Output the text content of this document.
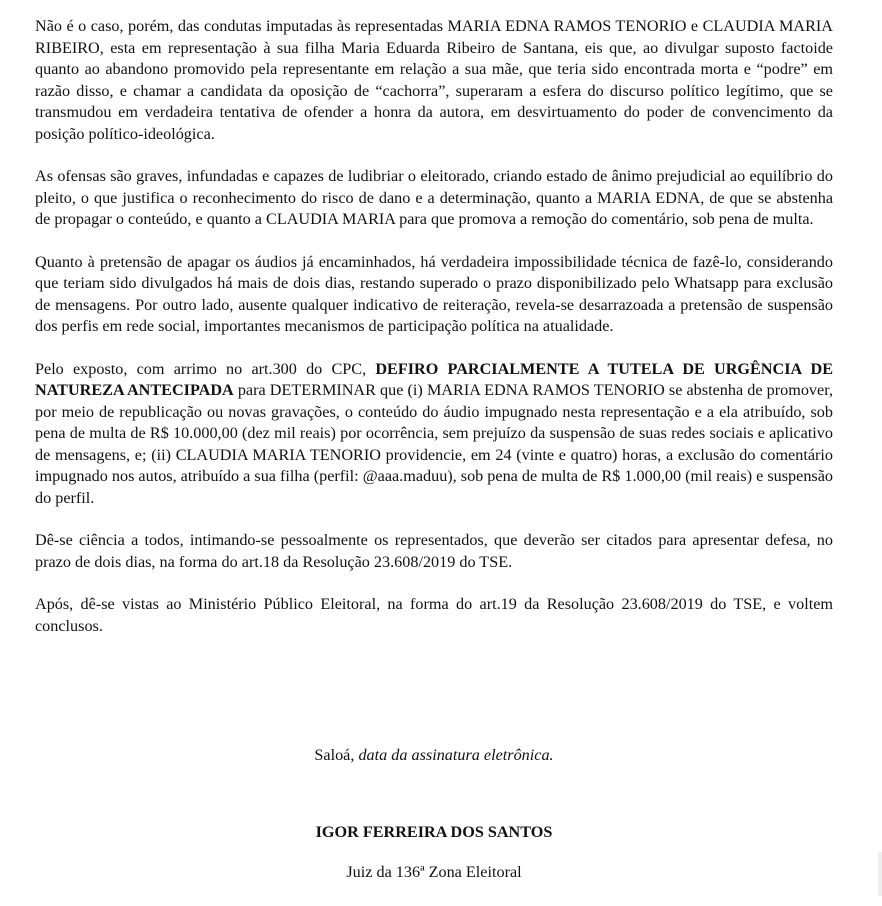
Não é o caso, porém, das condutas imputadas às representadas MARIA EDNA RAMOS TENORIO e CLAUDIA MARIA RIBEIRO, esta em representação à sua filha Maria Eduarda Ribeiro de Santana, eis que, ao divulgar suposto factoide quanto ao abandono promovido pela representante em relação a sua mãe, que teria sido encontrada morta e “podre” em razão disso, e chamar a candidata da oposição de “cachorra”, superaram a esfera do discurso político legítimo, que se transmudou em verdadeira tentativa de ofender a honra da autora, em desvirtuamento do poder de convencimento da posição político-ideológica.

As ofensas são graves, infundadas e capazes de ludibriar o eleitorado, criando estado de ânimo prejudicial ao equilíbrio do pleito, o que justifica o reconhecimento do risco de dano e a determinação, quanto a MARIA EDNA, de que se abstenha de propagar o conteúdo, e quanto a CLAUDIA MARIA para que promova a remoção do comentário, sob pena de multa.

Quanto à pretensão de apagar os áudios já encaminhados, há verdadeira impossibilidade técnica de fazê-lo, considerando que teriam sido divulgados há mais de dois dias, restando superado o prazo disponibilizado pelo Whatsapp para exclusão de mensagens. Por outro lado, ausente qualquer indicativo de reiteração, revela-se desarrazoada a pretensão de suspensão dos perfis em rede social, importantes mecanismos de participação política na atualidade.

Pelo exposto, com arrimo no art.300 do CPC, DEFIRO PARCIALMENTE A TUTELA DE URGÊNCIA DE NATUREZA ANTECIPADA para DETERMINAR que (i) MARIA EDNA RAMOS TENORIO se abstenha de promover, por meio de republicação ou novas gravações, o conteúdo do áudio impugnado nesta representação e a ela atribuído, sob pena de multa de R$ 10.000,00 (dez mil reais) por ocorrência, sem prejuízo da suspensão de suas redes sociais e aplicativo de mensagens, e; (ii) CLAUDIA MARIA TENORIO providencie, em 24 (vinte e quatro) horas, a exclusão do comentário impugnado nos autos, atribuído a sua filha (perfil: @aaa.maduu), sob pena de multa de R$ 1.000,00 (mil reais) e suspensão do perfil.

Dê-se ciência a todos, intimando-se pessoalmente os representados, que deverão ser citados para apresentar defesa, no prazo de dois dias, na forma do art.18 da Resolução 23.608/2019 do TSE.

Após, dê-se vistas ao Ministério Público Eleitoral, na forma do art.19 da Resolução 23.608/2019 do TSE, e voltem conclusos.

Saloá, data da assinatura eletrônica.
IGOR FERREIRA DOS SANTOS
Juiz da 136ª Zona Eleitoral
